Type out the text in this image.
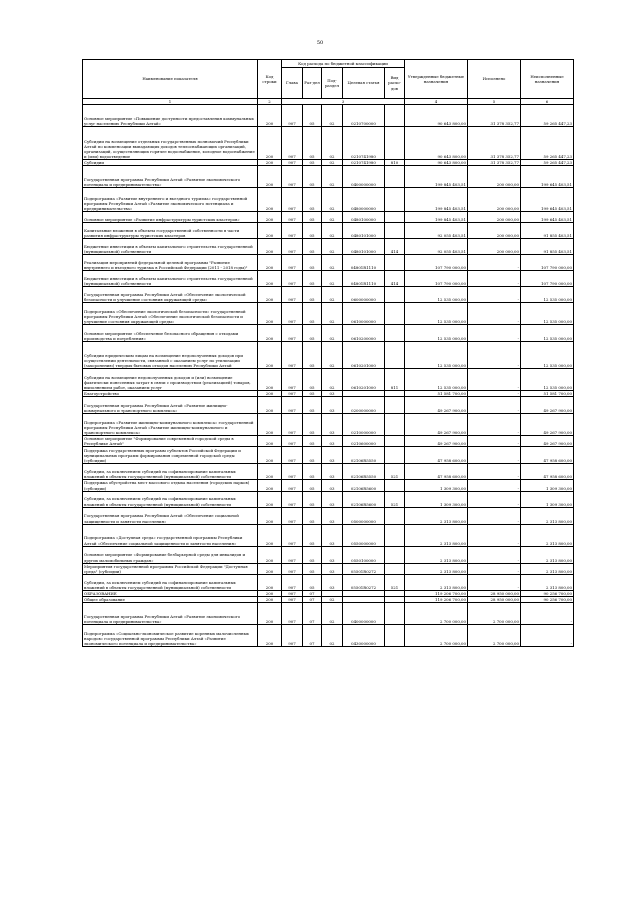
50
Наименование показателя	Код строки	Код расхода по бюджетной классификации					Утвержденные бюджетные назначения	Исполнено	Неисполненные назначения
		Глава	Раз-дел	Под-раздел	Целевая статья	Вид расхо-дов			
1	2	3					4	5	6
Основное мероприятие «Повышение доступности предоставления коммунальных услуг населению Республики Алтай»	200	907	05	02	0210700000		90 643 800,00	31 378 352,77	59 265 447,23
Субсидии на возмещение отдельных государственных полномочий Республики Алтай по компенсации выпадающих доходов теплоснабжающих организаций, организаций, осуществляющих горячее водоснабжение, холодное водоснабжение и (или) водоотведение	200	907	05	02	0210741980		90 643 800,00	31 378 352,77	59 265 447,23
Субсидии	200	907	05	02	0210741980	810	90 643 800,00	31 378 352,77	59 265 447,23
Государственная программа Республики Алтай «Развитие экономического потенциала и предпринимательства»	200	907	05	02	0400000000		199 845 403,51	200 000,00	199 645 403,51
Подпрограмма «Развитие внутреннего и въездного туризма» государственной программы Республики Алтай «Развитие экономического потенциала и предпринимательства»	200	907	05	02	0480000000		199 845 403,51	200 000,00	199 645 403,51
Основное мероприятие «Развитие инфраструктуры туристских кластеров»	200	907	05	02	0480100000		199 845 403,51	200 000,00	199 645 403,51
Капитальные вложения в объекты государственной собственности в части развития инфраструктуры туристских кластеров	200	907	05	02	0480101000		92 055 403,51	200 000,00	91 855 403,51
Бюджетные инвестиции в объекты капитального строительства государственной (муниципальной) собственности	200	907	05	02	0480101000	414	92 055 403,51	200 000,00	91 855 403,51
Реализация мероприятий федеральной целевой программы "Развитие внутреннего и въездного туризма в Российской Федерации (2011 - 2018 годы)"	200	907	05	02	04801R1110		107 790 000,00	-	107 790 000,00
Бюджетные инвестиции в объекты капитального строительства государственной (муниципальной) собственности	200	907	05	02	04801R1110	414	107 790 000,00	-	107 790 000,00
Государственная программа Республики Алтай «Обеспечение экологической безопасности и улучшение состояния окружающей среды»	200	907	05	02	0600000000		12 535 000,00	-	12 535 000,00
Подпрограмма «Обеспечение экологической безопасности» государственной программы Республики Алтай «Обеспечение экологической безопасности и улучшение состояния окружающей среды»	200	907	05	02	0610000000		12 535 000,00	-	12 535 000,00
Основное мероприятие «Обеспечение безопасного обращения с отходами производства и потребления»	200	907	05	02	0610200000		12 535 000,00	-	12 535 000,00
Субсидии юридическим лицам на возмещение недополученных доходов при осуществлении деятельности, связанной с оказанием услуг по утилизации (захоронению) твердых бытовых отходов населению Республики Алтай	200	907	05	02	0610201000		12 535 000,00	-	12 535 000,00
Субсидии на возмещение недополученных доходов и (или) возмещение фактически понесенных затрат в связи с производством (реализацией) товаров, выполнением работ, оказанием услуг	200	907	05	02	0610201000	811	12 535 000,00	-	12 535 000,00
Благоустройство	200	907	05	03			51 581 700,00	-	51 581 700,00
Государственная программа Республики Алтай «Развитие жилищно-коммунального и транспортного комплекса»	200	907	05	03	0200000000		49 267 900,00	-	49 267 900,00
Подпрограмма «Развитие жилищно-коммунального комплекса» государственной программы Республики Алтай «Развитие жилищно-коммунального и транспортного комплекса»	200	907	05	03	0210000000		49 267 900,00	-	49 267 900,00
Основное мероприятие "Формирование современной городской среды в Республике Алтай"	200	907	05	03	0210600000		49 267 900,00	-	49 267 900,00
Поддержка государственных программ субъектов Российской Федерации и муниципальных программ формирования современной городской среды (субсидии)	200	907	05	03	02106R5550		47 958 600,00	-	47 958 600,00
Субсидии, за исключением субсидий на софинансирование капитальных вложений в объекты государственной (муниципальной) собственности	200	907	05	03	02106R5550	521	47 958 600,00	-	47 958 600,00
Поддержка обустройства мест массового отдыха населения (городских парков) (субсидии)	200	907	05	03	02106R5600		1 309 300,00	-	1 309 300,00
Субсидии, за исключением субсидий на софинансирование капитальных вложений в объекты государственной (муниципальной) собственности	200	907	05	03	02106R5600	521	1 309 300,00	-	1 309 300,00
Государственная программа Республики Алтай «Обеспечение социальной защищенности и занятости населения»	200	907	05	03	0500000000		2 313 800,00	-	2 313 800,00
Подпрограмма «Доступная среда» государственной программы Республики Алтай «Обеспечение социальной защищенности и занятости населения»	200	907	05	03	0550000000		2 313 800,00	-	2 313 800,00
Основное мероприятие «Формирование безбарьерной среды для инвалидов и других маломобильных граждан»	200	907	05	03	0550100000		2 313 800,00	-	2 313 800,00
Мероприятия государственной программы Российской Федерации "Доступная среда" (субсидии)	200	907	05	03	05501R0272		2 313 800,00	-	2 313 800,00
Субсидии, за исключением субсидий на софинансирование капитальных вложений в объекты государственной (муниципальной) собственности	200	907	05	03	05501R0272	521	2 313 800,00	-	2 313 800,00
ОБРАЗОВАНИЕ	200	907	07				119 206 700,00	28 950 000,00	90 256 700,00
Общее образование	200	907	07	02			119 206 700,00	28 950 000,00	90 256 700,00
Государственная программа Республики Алтай «Развитие экономического потенциала и предпринимательства»	200	907	07	02	0400000000		2 700 000,00	2 700 000,00	-
Подпрограмма «Социально-экономическое развитие коренных малочисленных народов» государственной программы Республики Алтай «Развитие экономического потенциала и предпринимательства»	200	907	07	02	0430000000		2 700 000,00	2 700 000,00	-
